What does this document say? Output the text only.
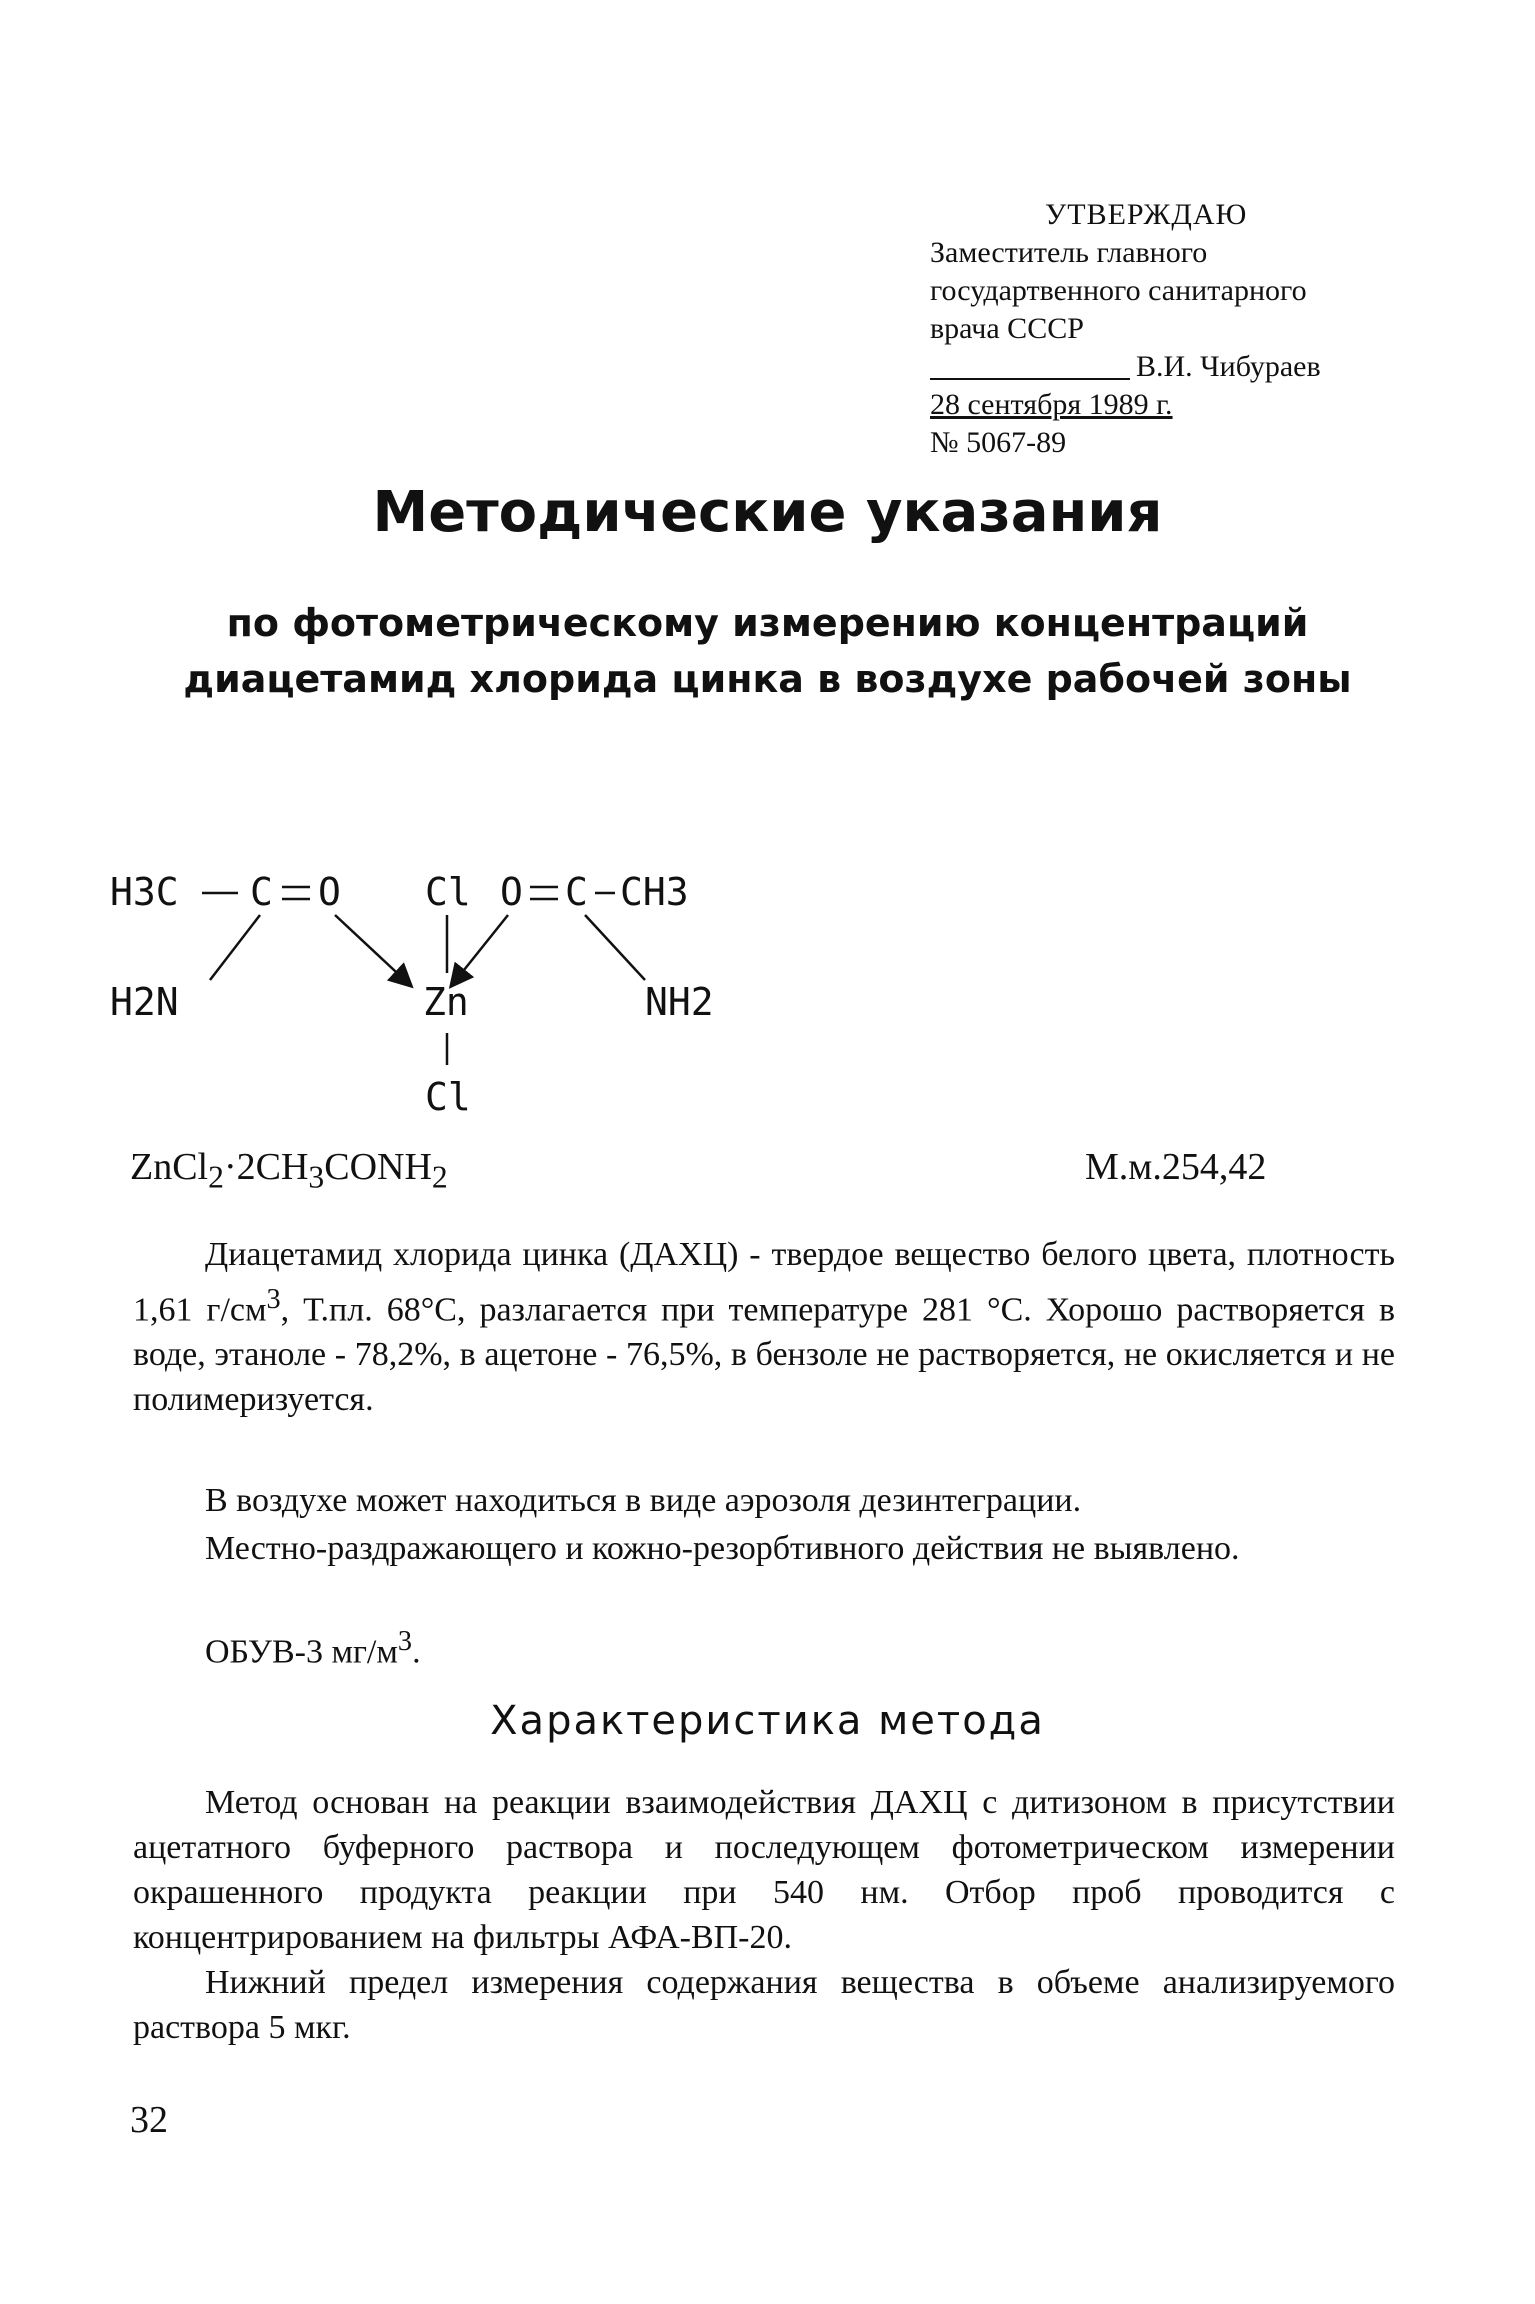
УТВЕРЖДАЮ
Заместитель главного
государтвенного санитарного
врача СССР
В.И. Чибураев
28 сентября 1989 г.
№ 5067-89
Методические указания
по фотометрическому измерению концентраций
диацетамид хлорида цинка в воздухе рабочей зоны
H3C C O Cl O C CH3
H2N	Zn	NH2
Cl
$ZnCl_2\cdot 2CH_3CONH_2$	М.м.254,42
Диацетамид хлорида цинка (ДАХЦ) - твердое вещество белого цвета, плотность 1,61 $г/см^3$, Т.пл. 68°С, разлагается при температуре 281 °С. Хорошо растворяется в воде, этаноле - 78,2%, в ацетоне - 76,5%, в бензоле не растворяется, не окисляется и не полимеризуется.
В воздухе может находиться в виде аэрозоля дезинтеграции.
Местно-раздражающего и кожно-резорбтивного действия не выявлено.
ОБУВ-3 $мг/м^3$.
Характеристика метода
Метод основан на реакции взаимодействия ДАХЦ с дитизоном в присутствии ацетатного буферного раствора и последующем фотометрическом измерении окрашенного продукта реакции при 540 нм. Отбор проб проводится с концентрированием на фильтры АФА-ВП-20.
Нижний предел измерения содержания вещества в объеме анализируемого раствора 5 мкг.
32
